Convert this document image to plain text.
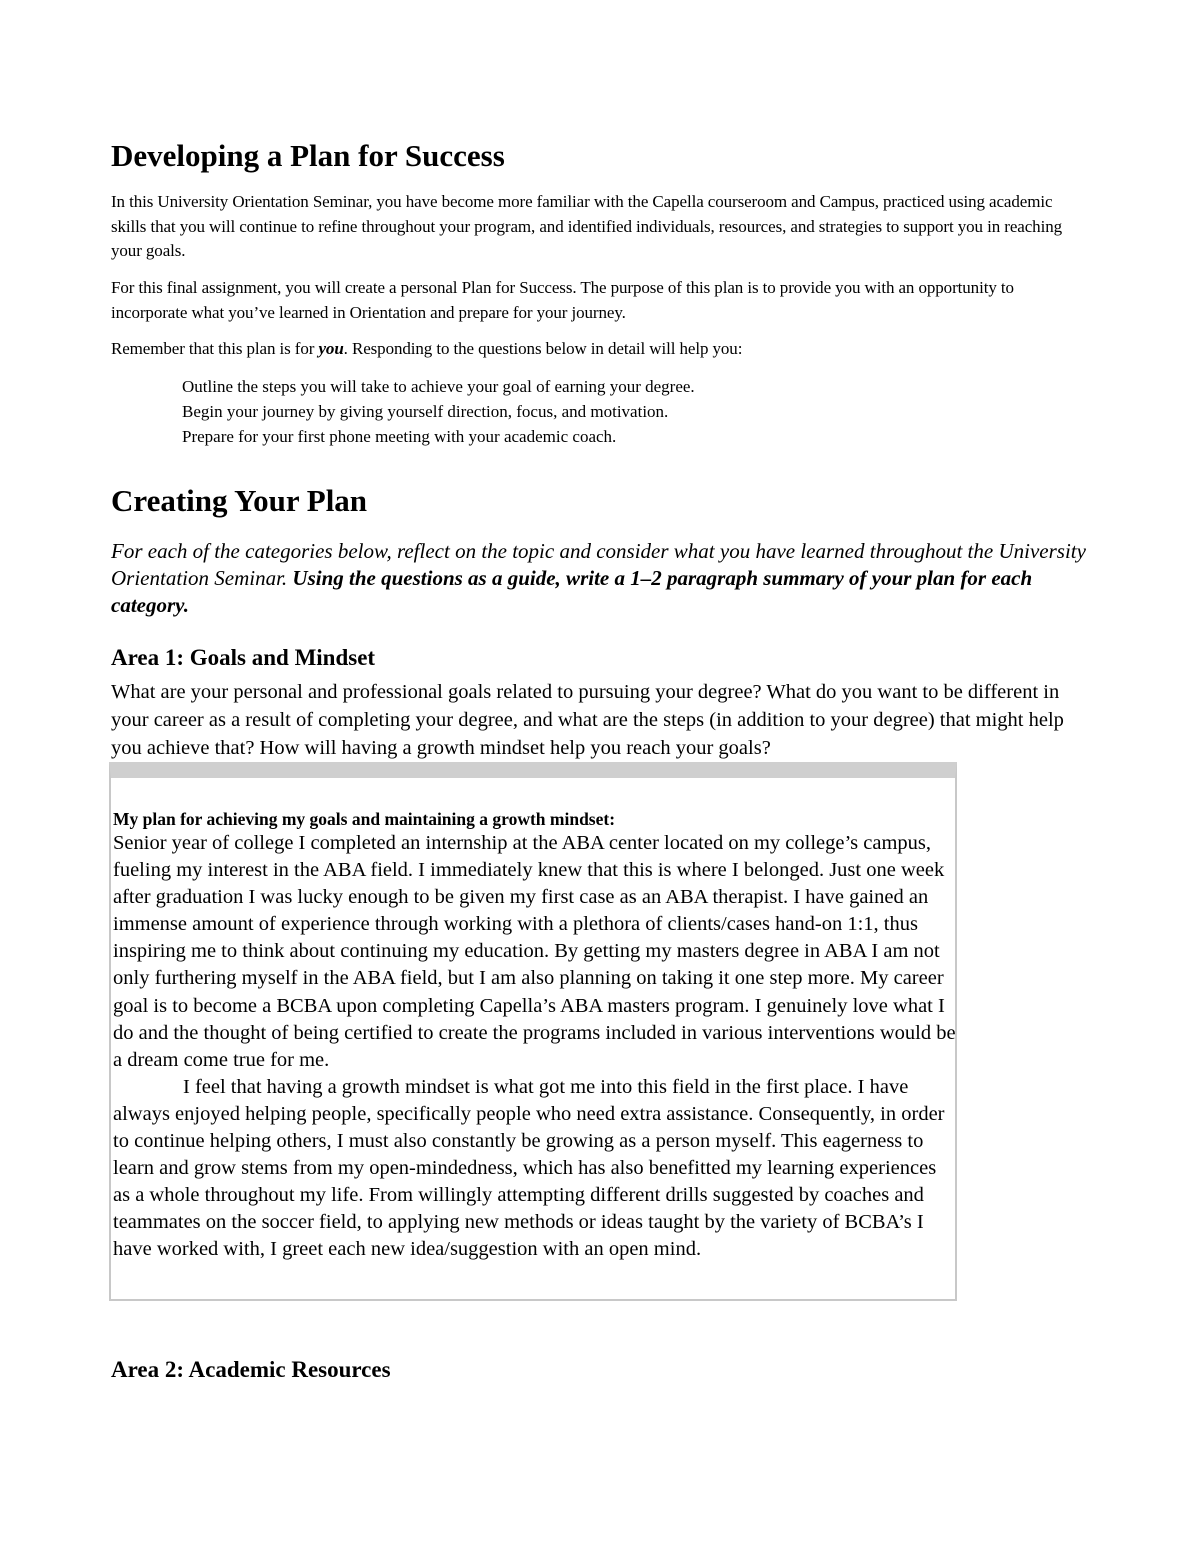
Developing a Plan for Success

In this University Orientation Seminar, you have become more familiar with the Capella courseroom and Campus, practiced using academic skills that you will continue to refine throughout your program, and identified individuals, resources, and strategies to support you in reaching your goals.

For this final assignment, you will create a personal Plan for Success. The purpose of this plan is to provide you with an opportunity to incorporate what you’ve learned in Orientation and prepare for your journey.

Remember that this plan is for you. Responding to the questions below in detail will help you:

Outline the steps you will take to achieve your goal of earning your degree.
Begin your journey by giving yourself direction, focus, and motivation.
Prepare for your first phone meeting with your academic coach.
Creating Your Plan

For each of the categories below, reflect on the topic and consider what you have learned throughout the University Orientation Seminar. Using the questions as a guide, write a 1–2 paragraph summary of your plan for each category.

Area 1: Goals and Mindset

What are your personal and professional goals related to pursuing your degree? What do you want to be different in your career as a result of completing your degree, and what are the steps (in addition to your degree) that might help you achieve that? How will having a growth mindset help you reach your goals?

My plan for achieving my goals and maintaining a growth mindset:

Senior year of college I completed an internship at the ABA center located on my college’s campus, fueling my interest in the ABA field. I immediately knew that this is where I belonged. Just one week after graduation I was lucky enough to be given my first case as an ABA therapist. I have gained an immense amount of experience through working with a plethora of clients/cases hand-on 1:1, thus inspiring me to think about continuing my education. By getting my masters degree in ABA I am not only furthering myself in the ABA field, but I am also planning on taking it one step more. My career goal is to become a BCBA upon completing Capella’s ABA masters program. I genuinely love what I do and the thought of being certified to create the programs included in various interventions would be a dream come true for me.

I feel that having a growth mindset is what got me into this field in the first place. I have always enjoyed helping people, specifically people who need extra assistance. Consequently, in order to continue helping others, I must also constantly be growing as a person myself. This eagerness to learn and grow stems from my open-mindedness, which has also benefitted my learning experiences as a whole throughout my life. From willingly attempting different drills suggested by coaches and teammates on the soccer field, to applying new methods or ideas taught by the variety of BCBA’s I have worked with, I greet each new idea/suggestion with an open mind.

Area 2: Academic Resources
